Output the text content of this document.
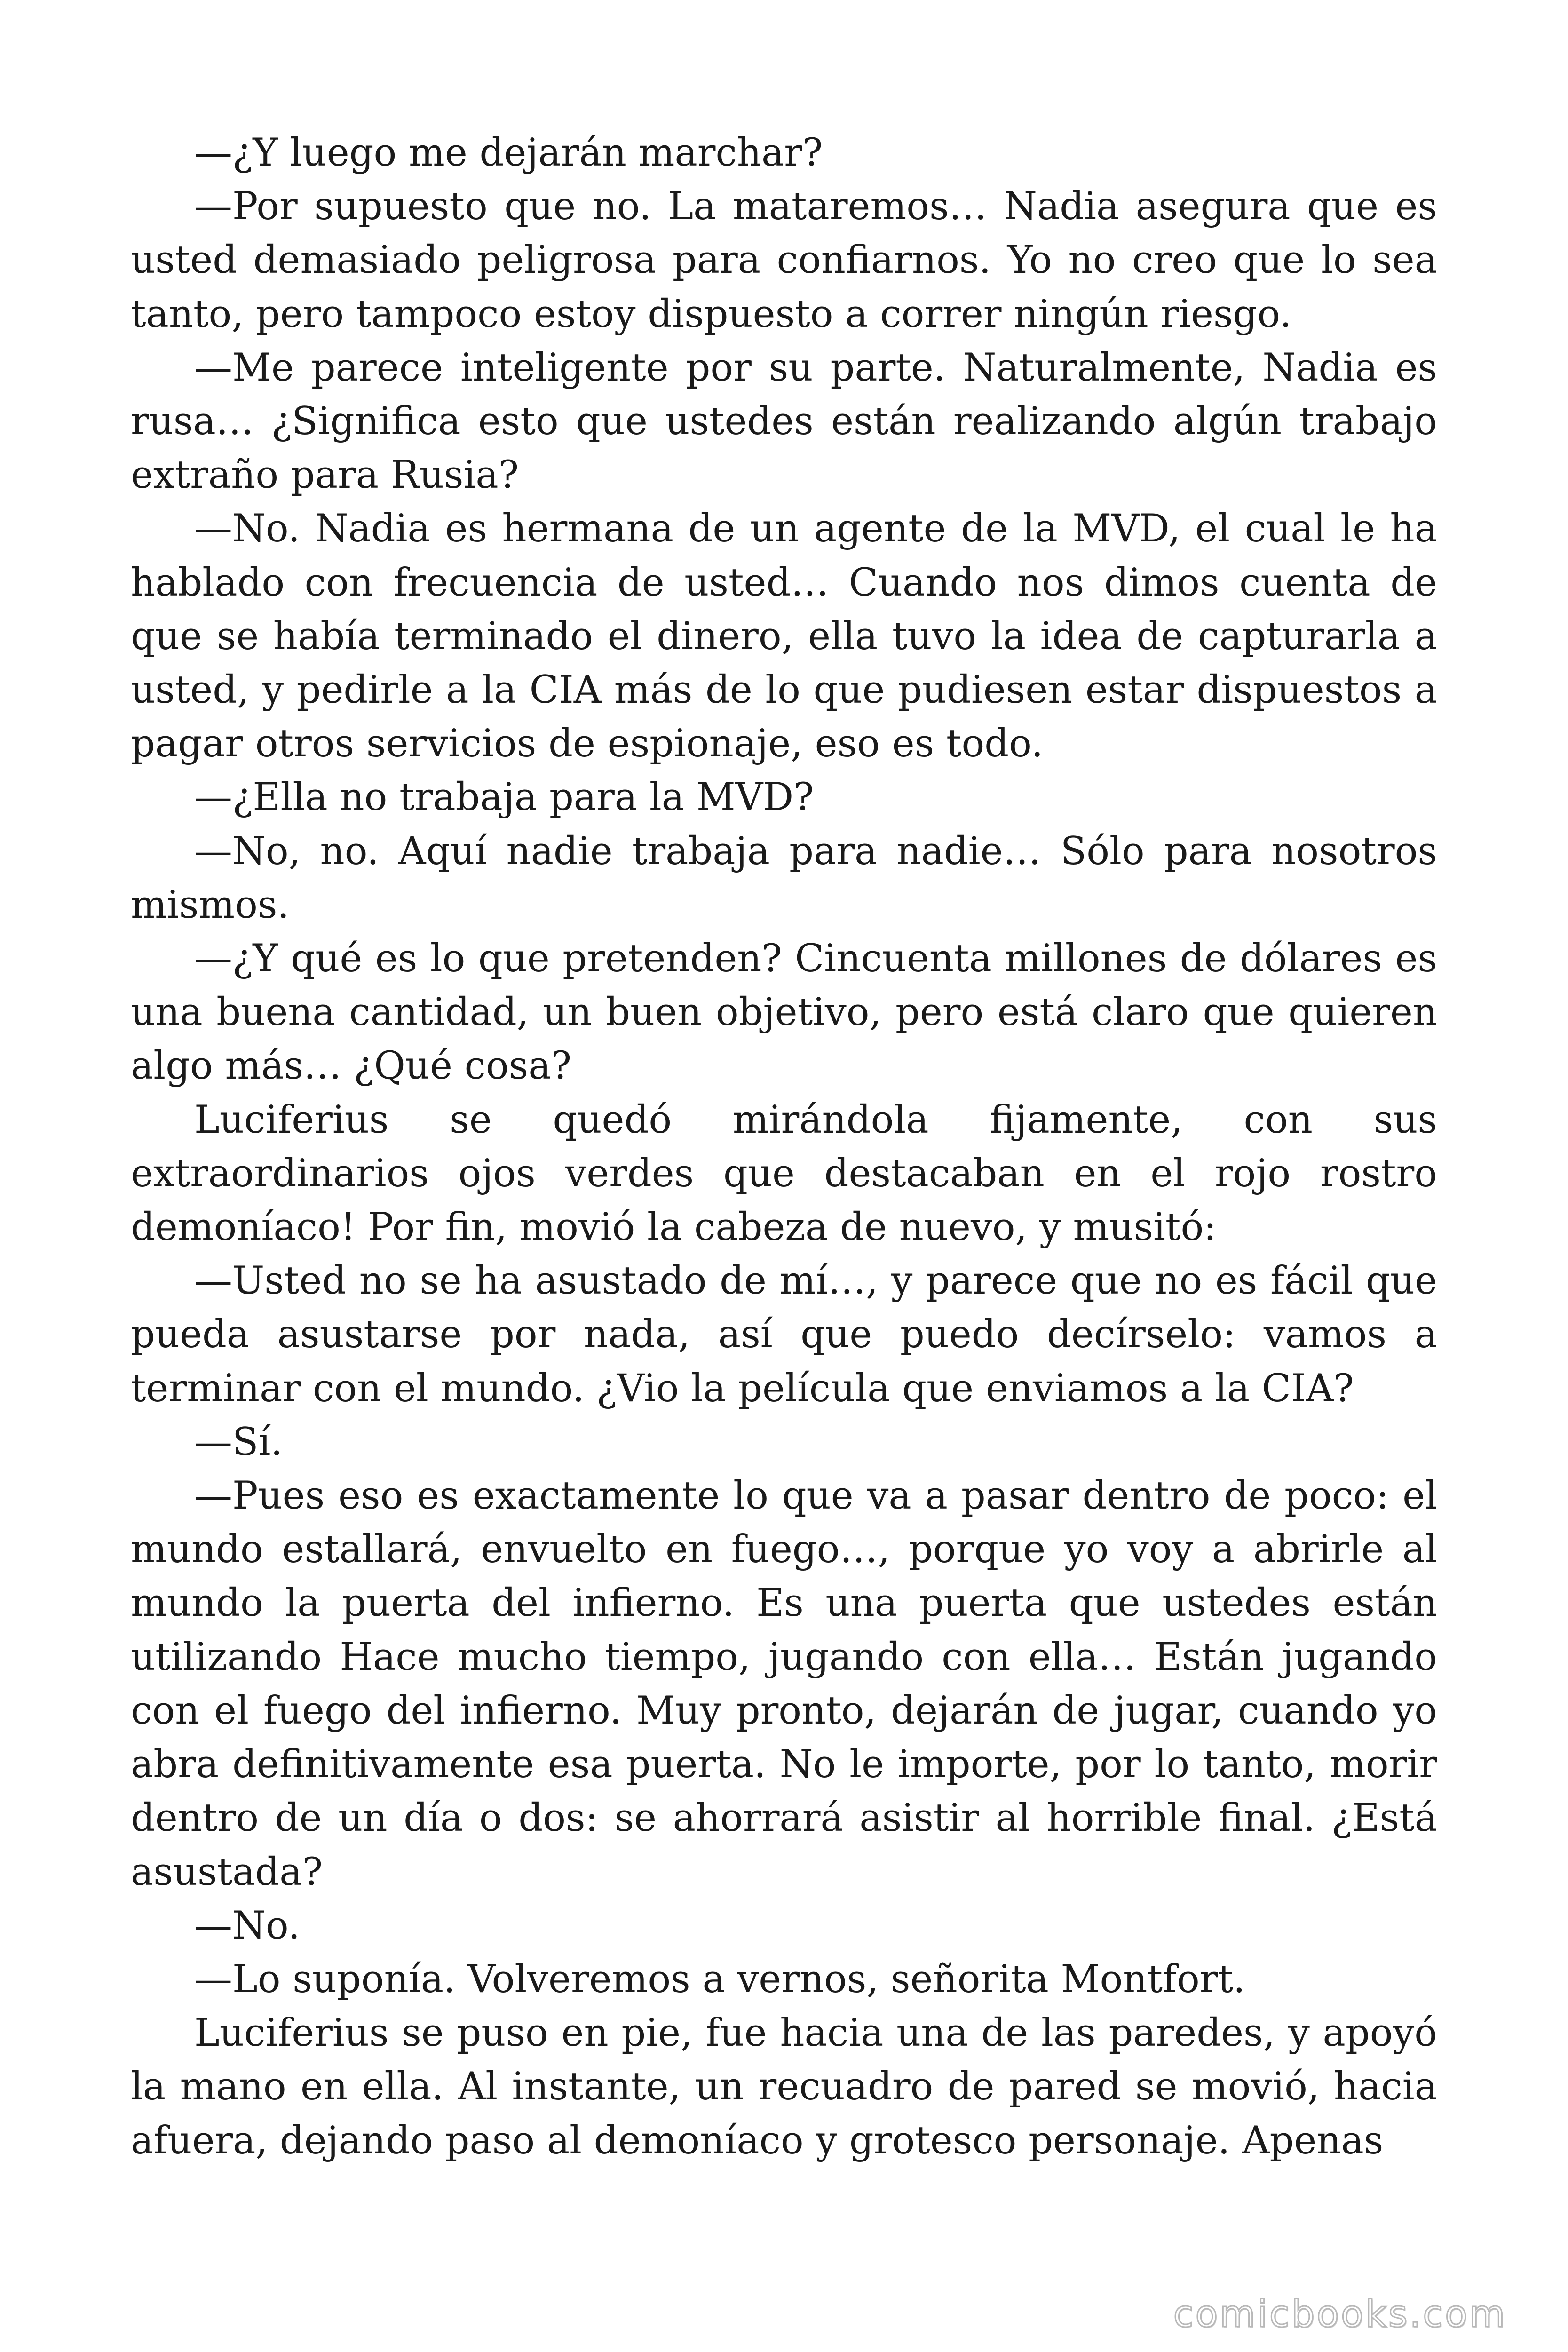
—¿Y luego me dejarán marchar?

—Por supuesto que no. La mataremos… Nadia asegura que es usted demasiado peligrosa para confiarnos. Yo no creo que lo sea tanto, pero tampoco estoy dispuesto a correr ningún riesgo.

—Me parece inteligente por su parte. Naturalmente, Nadia es rusa… ¿Significa esto que ustedes están realizando algún trabajo extraño para Rusia?

—No. Nadia es hermana de un agente de la MVD, el cual le ha hablado con frecuencia de usted… Cuando nos dimos cuenta de que se había terminado el dinero, ella tuvo la idea de capturarla a usted, y pedirle a la CIA más de lo que pudiesen estar dispuestos a pagar otros servicios de espionaje, eso es todo.

—¿Ella no trabaja para la MVD?

—No, no. Aquí nadie trabaja para nadie… Sólo para nosotros mismos.

—¿Y qué es lo que pretenden? Cincuenta millones de dólares es una buena cantidad, un buen objetivo, pero está claro que quieren algo más… ¿Qué cosa?

Luciferius se quedó mirándola fijamente, con sus extraordinarios ojos verdes que destacaban en el rojo rostro demoníaco! Por fin, movió la cabeza de nuevo, y musitó:

—Usted no se ha asustado de mí…, y parece que no es fácil que pueda asustarse por nada, así que puedo decírselo: vamos a terminar con el mundo. ¿Vio la película que enviamos a la CIA?

—Sí.

—Pues eso es exactamente lo que va a pasar dentro de poco: el mundo estallará, envuelto en fuego…, porque yo voy a abrirle al mundo la puerta del infierno. Es una puerta que ustedes están utilizando Hace mucho tiempo, jugando con ella… Están jugando con el fuego del infierno. Muy pronto, dejarán de jugar, cuando yo abra definitivamente esa puerta. No le importe, por lo tanto, morir dentro de un día o dos: se ahorrará asistir al horrible final. ¿Está asustada?

—No.

—Lo suponía. Volveremos a vernos, señorita Montfort.

Luciferius se puso en pie, fue hacia una de las paredes, y apoyó la mano en ella. Al instante, un recuadro de pared se movió, hacia afuera, dejando paso al demoníaco y grotesco personaje. Apenas

comicbooks.com
